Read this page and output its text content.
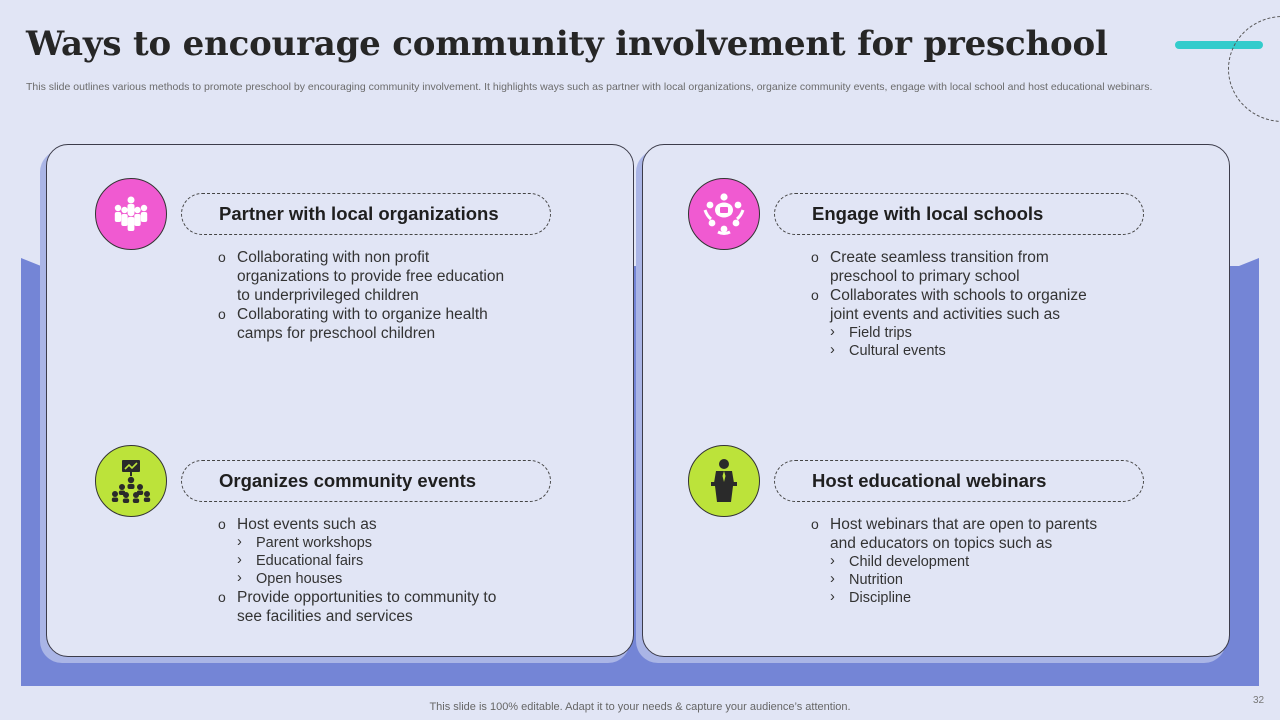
Ways to encourage community involvement for preschool
This slide outlines various methods to promote preschool by encouraging community involvement. It highlights ways such as partner with local organizations, organize community events, engage with local school and host educational webinars.
Partner with local organizations
o Collaborating with non profit organizations to provide free education to underprivileged children
o Collaborating with to organize health camps for preschool children
Engage with local schools
o Create seamless transition from preschool to primary school
o Collaborates with schools to organize joint events and activities such as
› Field trips
› Cultural events
Organizes community events
o Host events such as
› Parent workshops
› Educational fairs
› Open houses
o Provide opportunities to community to see facilities and services
Host educational webinars
o Host webinars that are open to parents and educators on topics such as
› Child development
› Nutrition
› Discipline
This slide is 100% editable. Adapt it to your needs & capture your audience’s attention.
32
